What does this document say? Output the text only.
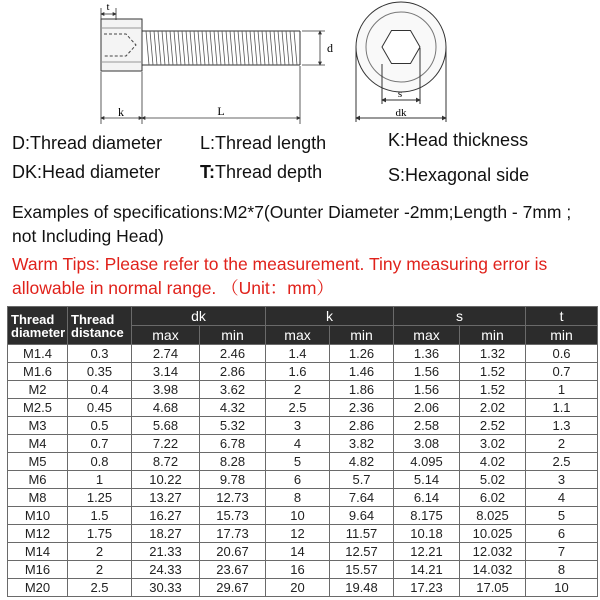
t
k	L
d
s
dk
D:Thread diameter L:Thread length	K:Head thickness
DK:Head diameter T:Thread depth	S:Hexagonal side
Examples of specifications:M2*7(Ounter Diameter -2mm;Length - 7mm ; not Including Head)
Warm Tips: Please refer to the measurement. Tiny measuring error is allowable in normal range. （Unit：mm）
Thread
diameter	Thread
distance	dk		k		s		t
		max	min	max	min	max	min	min
M1.4	0.3	2.74	2.46	1.4	1.26	1.36	1.32	0.6
M1.6	0.35	3.14	2.86	1.6	1.46	1.56	1.52	0.7
M2	0.4	3.98	3.62	2	1.86	1.56	1.52	1
M2.5	0.45	4.68	4.32	2.5	2.36	2.06	2.02	1.1
M3	0.5	5.68	5.32	3	2.86	2.58	2.52	1.3
M4	0.7	7.22	6.78	4	3.82	3.08	3.02	2
M5	0.8	8.72	8.28	5	4.82	4.095	4.02	2.5
M6	1	10.22	9.78	6	5.7	5.14	5.02	3
M8	1.25	13.27	12.73	8	7.64	6.14	6.02	4
M10	1.5	16.27	15.73	10	9.64	8.175	8.025	5
M12	1.75	18.27	17.73	12	11.57	10.18	10.025	6
M14	2	21.33	20.67	14	12.57	12.21	12.032	7
M16	2	24.33	23.67	16	15.57	14.21	14.032	8
M20	2.5	30.33	29.67	20	19.48	17.23	17.05	10
